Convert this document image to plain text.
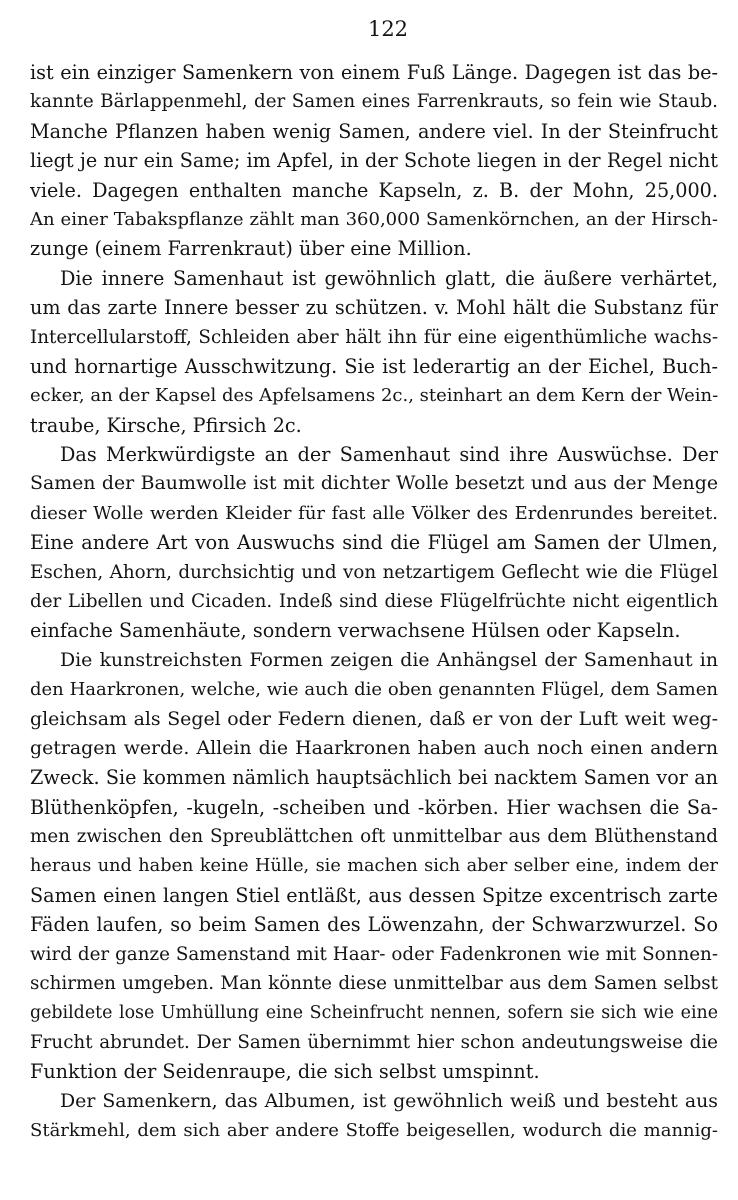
122
ist ein einziger Samenkern von einem Fuß Länge. Dagegen ist das be-
kannte Bärlappenmehl, der Samen eines Farrenkrauts, so fein wie Staub.
Manche Pflanzen haben wenig Samen, andere viel. In der Steinfrucht
liegt je nur ein Same; im Apfel, in der Schote liegen in der Regel nicht
viele. Dagegen enthalten manche Kapseln, z. B. der Mohn, 25,000.
An einer Tabakspflanze zählt man 360,000 Samenkörnchen, an der Hirsch-
zunge (einem Farrenkraut) über eine Million.
Die innere Samenhaut ist gewöhnlich glatt, die äußere verhärtet,
um das zarte Innere besser zu schützen. v. Mohl hält die Substanz für
Intercellularstoff, Schleiden aber hält ihn für eine eigenthümliche wachs-
und hornartige Ausschwitzung. Sie ist lederartig an der Eichel, Buch-
ecker, an der Kapsel des Apfelsamens 2c., steinhart an dem Kern der Wein-
traube, Kirsche, Pfirsich 2c.
Das Merkwürdigste an der Samenhaut sind ihre Auswüchse. Der
Samen der Baumwolle ist mit dichter Wolle besetzt und aus der Menge
dieser Wolle werden Kleider für fast alle Völker des Erdenrundes bereitet.
Eine andere Art von Auswuchs sind die Flügel am Samen der Ulmen,
Eschen, Ahorn, durchsichtig und von netzartigem Geflecht wie die Flügel
der Libellen und Cicaden. Indeß sind diese Flügelfrüchte nicht eigentlich
einfache Samenhäute, sondern verwachsene Hülsen oder Kapseln.
Die kunstreichsten Formen zeigen die Anhängsel der Samenhaut in
den Haarkronen, welche, wie auch die oben genannten Flügel, dem Samen
gleichsam als Segel oder Federn dienen, daß er von der Luft weit weg-
getragen werde. Allein die Haarkronen haben auch noch einen andern
Zweck. Sie kommen nämlich hauptsächlich bei nacktem Samen vor an
Blüthenköpfen, -kugeln, -scheiben und -körben. Hier wachsen die Sa-
men zwischen den Spreublättchen oft unmittelbar aus dem Blüthenstand
heraus und haben keine Hülle, sie machen sich aber selber eine, indem der
Samen einen langen Stiel entläßt, aus dessen Spitze excentrisch zarte
Fäden laufen, so beim Samen des Löwenzahn, der Schwarzwurzel. So
wird der ganze Samenstand mit Haar- oder Fadenkronen wie mit Sonnen-
schirmen umgeben. Man könnte diese unmittelbar aus dem Samen selbst
gebildete lose Umhüllung eine Scheinfrucht nennen, sofern sie sich wie eine
Frucht abrundet. Der Samen übernimmt hier schon andeutungsweise die
Funktion der Seidenraupe, die sich selbst umspinnt.
Der Samenkern, das Albumen, ist gewöhnlich weiß und besteht aus
Stärkmehl, dem sich aber andere Stoffe beigesellen, wodurch die mannig-
